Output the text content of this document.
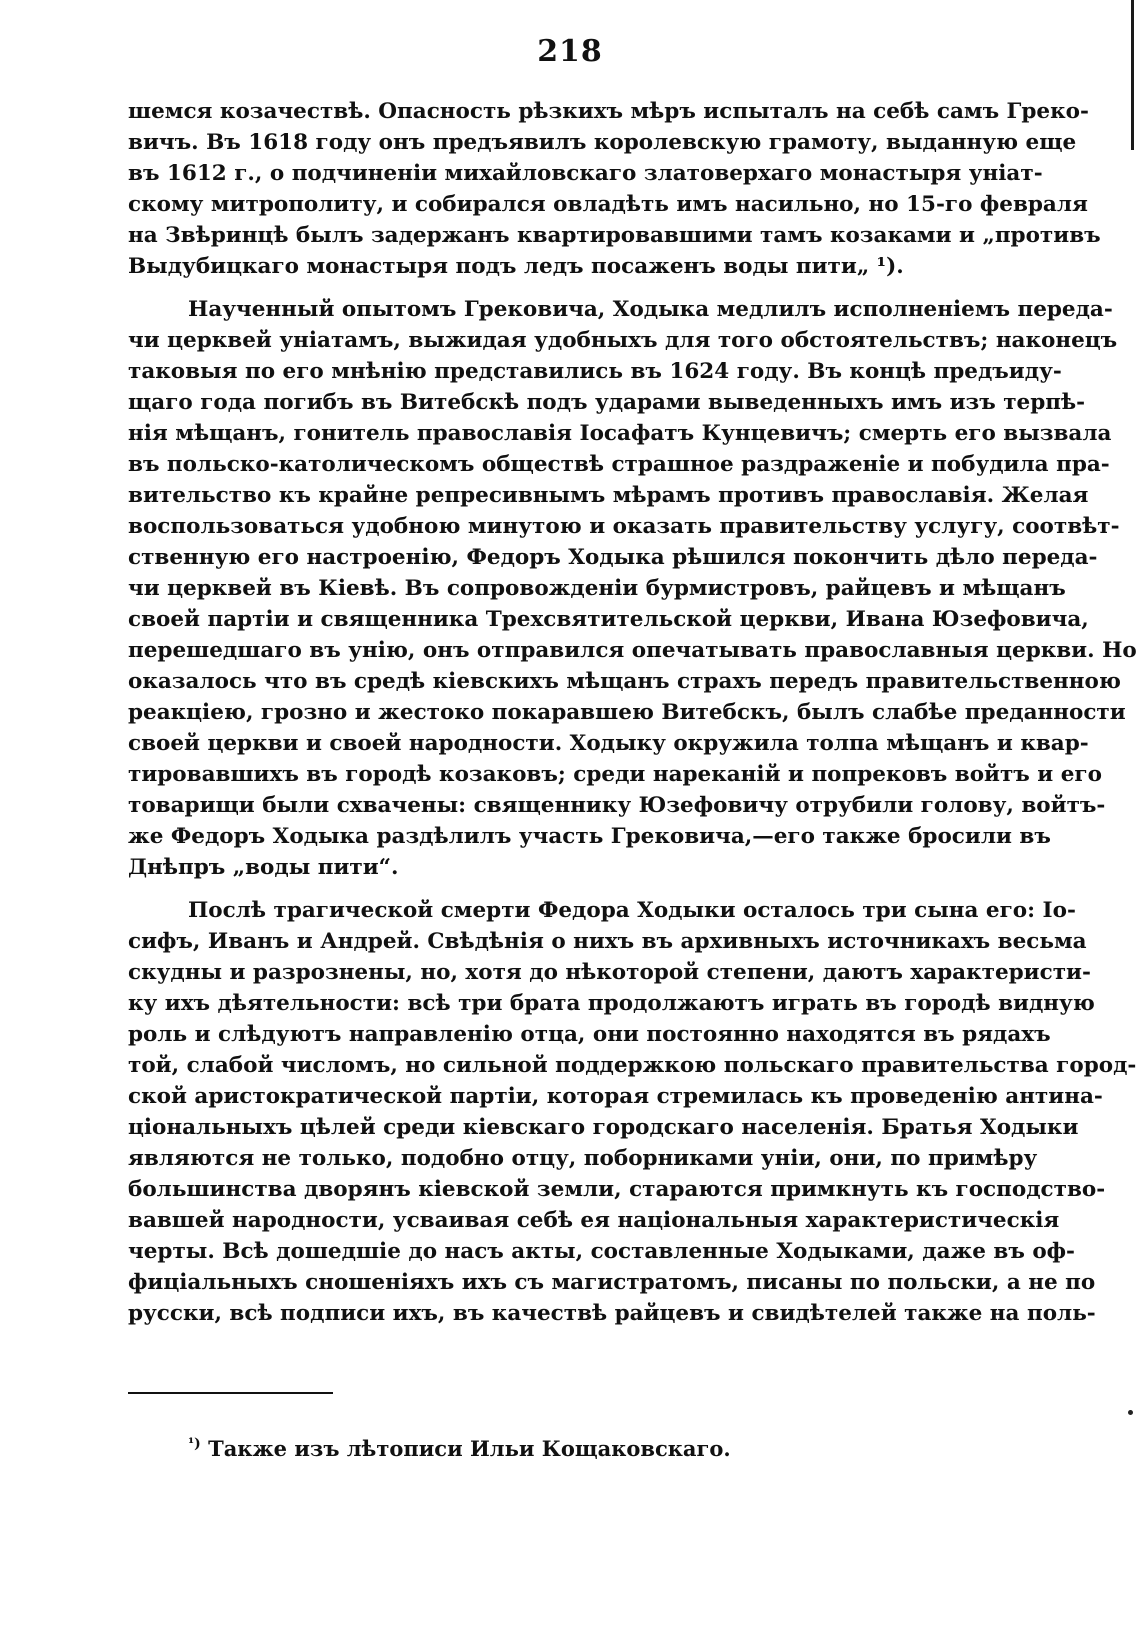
218
шемся козачествѣ. Опасность рѣзкихъ мѣръ испыталъ на себѣ самъ Греко-
вичъ. Въ 1618 году онъ предъявилъ королевскую грамоту, выданную еще
въ 1612 г., о подчиненіи михайловскаго златоверхаго монастыря уніат-
скому митрополиту, и собирался овладѣть имъ насильно, но 15-го февраля
на Звѣринцѣ былъ задержанъ квартировавшими тамъ козаками и „противъ
Выдубицкаго монастыря подъ ледъ посаженъ воды пити„ ¹).
Наученный опытомъ Грековича, Ходыка медлилъ исполненіемъ переда-
чи церквей уніатамъ, выжидая удобныхъ для того обстоятельствъ; наконецъ
таковыя по его мнѣнію представились въ 1624 году. Въ концѣ предъиду-
щаго года погибъ въ Витебскѣ подъ ударами выведенныхъ имъ изъ терпѣ-
нія мѣщанъ, гонитель православія Іосафатъ Кунцевичъ; смерть его вызвала
въ польско-католическомъ обществѣ страшное раздраженіе и побудила пра-
вительство къ крайне репресивнымъ мѣрамъ противъ православія. Желая
воспользоваться удобною минутою и оказать правительству услугу, соотвѣт-
ственную его настроенію, Федоръ Ходыка рѣшился покончить дѣло переда-
чи церквей въ Кіевѣ. Въ сопровожденіи бурмистровъ, райцевъ и мѣщанъ
своей партіи и священника Трехсвятительской церкви, Ивана Юзефовича,
перешедшаго въ унію, онъ отправился опечатывать православныя церкви. Но
оказалось что въ средѣ кіевскихъ мѣщанъ страхъ передъ правительственною
реакціею, грозно и жестоко покаравшею Витебскъ, былъ слабѣе преданности
своей церкви и своей народности. Ходыку окружила толпа мѣщанъ и квар-
тировавшихъ въ городѣ козаковъ; среди нареканій и попрековъ войтъ и его
товарищи были схвачены: священнику Юзефовичу отрубили голову, войтъ-
же Федоръ Ходыка раздѣлилъ участь Грековича,—его также бросили въ
Днѣпръ „воды пити“.
Послѣ трагической смерти Федора Ходыки осталось три сына его: Іо-
сифъ, Иванъ и Андрей. Свѣдѣнія о нихъ въ архивныхъ источникахъ весьма
скудны и разрознены, но, хотя до нѣкоторой степени, даютъ характеристи-
ку ихъ дѣятельности: всѣ три брата продолжаютъ играть въ городѣ видную
роль и слѣдуютъ направленію отца, они постоянно находятся въ рядахъ
той, слабой числомъ, но сильной поддержкою польскаго правительства город-
ской аристократической партіи, которая стремилась къ проведенію антина-
ціональныхъ цѣлей среди кіевскаго городскаго населенія. Братья Ходыки
являются не только, подобно отцу, поборниками уніи, они, по примѣру
большинства дворянъ кіевской земли, стараются примкнуть къ господство-
вавшей народности, усваивая себѣ ея національныя характеристическія
черты. Всѣ дошедшіе до насъ акты, составленные Ходыками, даже въ оф-
фиціальныхъ сношеніяхъ ихъ съ магистратомъ, писаны по польски, а не по
русски, всѣ подписи ихъ, въ качествѣ райцевъ и свидѣтелей также на поль-
$^{^1)}$ Также изъ лѣтописи Ильи Кощаковскаго.
